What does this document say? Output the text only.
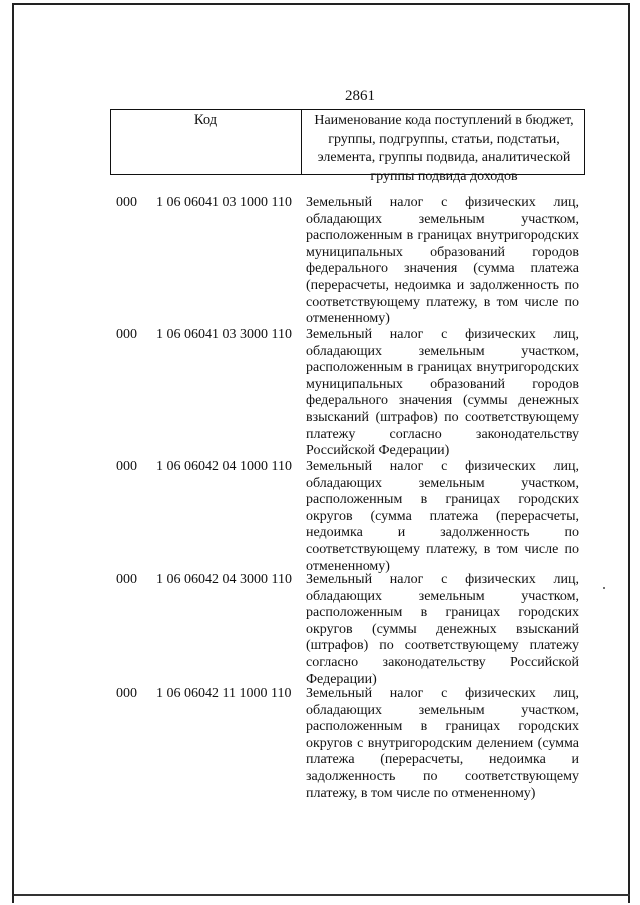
2861
Код	Наименование кода поступлений в бюджет, группы, подгруппы, статьи, подстатьи, элемента, группы подвида, аналитической группы подвида доходов
000 1 06 06041 03 1000 110 Земельный налог с физических лиц, обладающих земельным участком, расположенным в границах внутригородских муниципальных образований городов федерального значения (сумма платежа (перерасчеты, недоимка и задолженность по соответствующему платежу, в том числе по отмененному)
000 1 06 06041 03 3000 110 Земельный налог с физических лиц, обладающих земельным участком, расположенным в границах внутригородских муниципальных образований городов федерального значения (суммы денежных взысканий (штрафов) по соответствующему платежу согласно законодательству Российской Федерации)
000 1 06 06042 04 1000 110 Земельный налог с физических лиц, обладающих земельным участком, расположенным в границах городских округов (сумма платежа (перерасчеты, недоимка и задолженность по соответствующему платежу, в том числе по отмененному)
000 1 06 06042 04 3000 110 Земельный налог с физических лиц, обладающих земельным участком, расположенным в границах городских округов (суммы денежных взысканий (штрафов) по соответствующему платежу согласно законодательству Российской Федерации)
000 1 06 06042 11 1000 110 Земельный налог с физических лиц, обладающих земельным участком, расположенным в границах городских округов с внутригородским делением (сумма платежа (перерасчеты, недоимка и задолженность по соответствующему платежу, в том числе по отмененному)
